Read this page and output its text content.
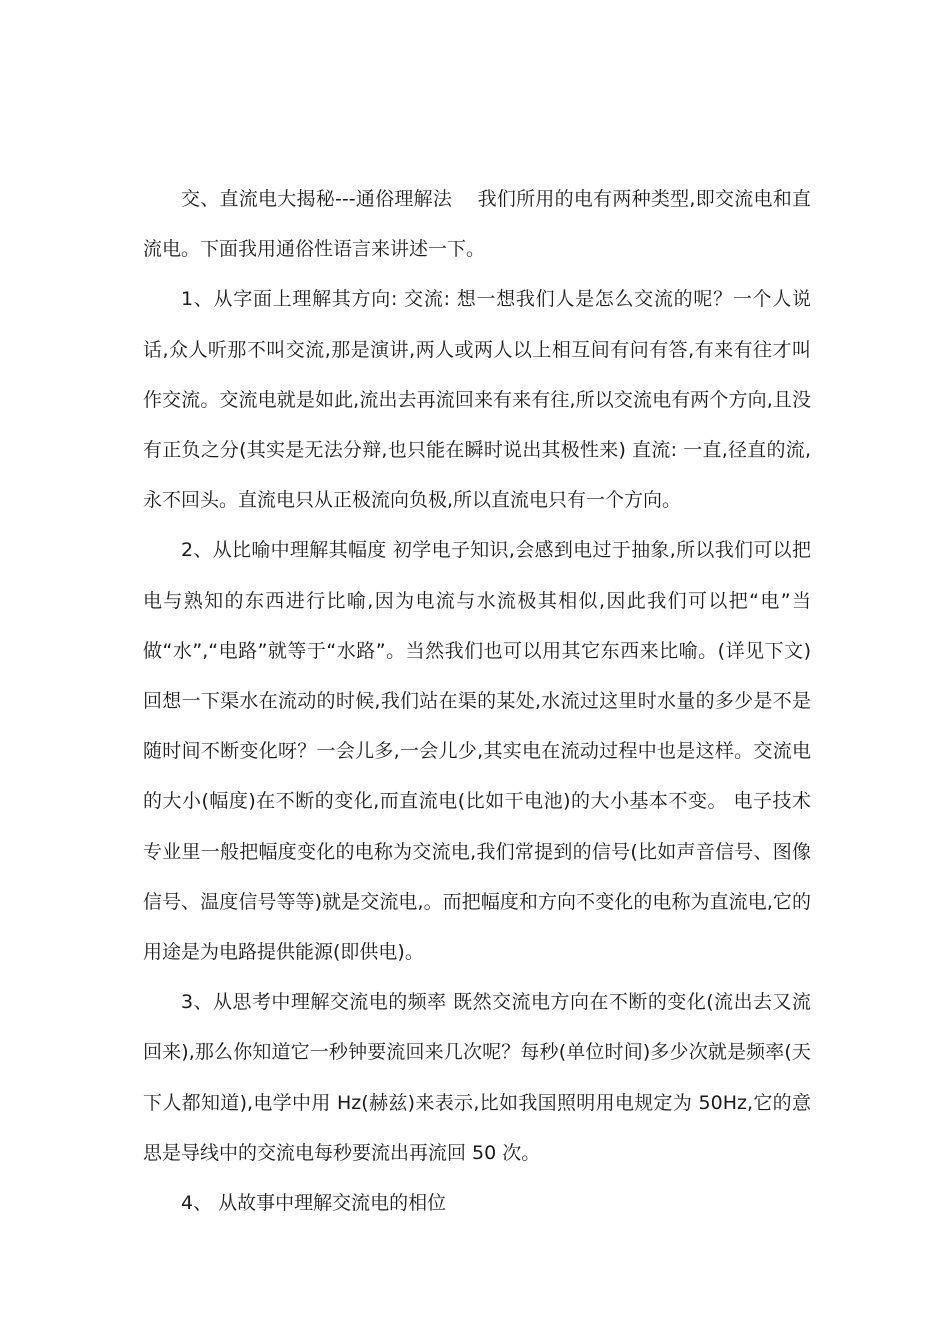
交、直流电大揭秘---通俗理解法　 我们所用的电有两种类型,即交流电和直流电。下面我用通俗性语言来讲述一下。

1、从字面上理解其方向: 交流: 想一想我们人是怎么交流的呢？一个人说话,众人听那不叫交流,那是演讲,两人或两人以上相互间有问有答,有来有往才叫作交流。交流电就是如此,流出去再流回来有来有往,所以交流电有两个方向,且没有正负之分(其实是无法分辩,也只能在瞬时说出其极性来) 直流: 一直,径直的流,永不回头。直流电只从正极流向负极,所以直流电只有一个方向。

2、从比喻中理解其幅度 初学电子知识,会感到电过于抽象,所以我们可以把电与熟知的东西进行比喻,因为电流与水流极其相似,因此我们可以把“电”当做“水”,“电路”就等于“水路”。当然我们也可以用其它东西来比喻。(详见下文) 回想一下渠水在流动的时候,我们站在渠的某处,水流过这里时水量的多少是不是随时间不断变化呀？一会儿多,一会儿少,其实电在流动过程中也是这样。交流电的大小(幅度)在不断的变化,而直流电(比如干电池)的大小基本不变。 电子技术专业里一般把幅度变化的电称为交流电,我们常提到的信号(比如声音信号、图像信号、温度信号等等)就是交流电,。而把幅度和方向不变化的电称为直流电,它的用途是为电路提供能源(即供电)。

3、从思考中理解交流电的频率 既然交流电方向在不断的变化(流出去又流回来),那么你知道它一秒钟要流回来几次呢？每秒(单位时间)多少次就是频率(天下人都知道),电学中用 Hz(赫兹)来表示,比如我国照明用电规定为 50Hz,它的意思是导线中的交流电每秒要流出再流回 50 次。

4、 从故事中理解交流电的相位
